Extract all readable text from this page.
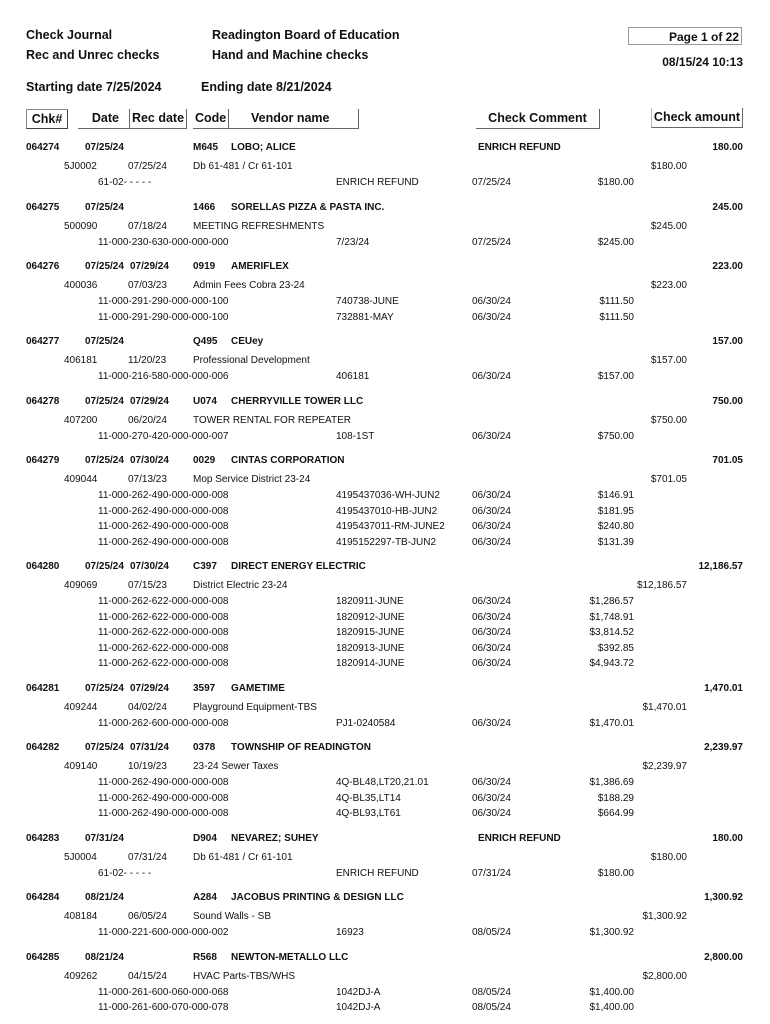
Check Journal
Rec and Unrec checks
Readington Board of Education
Hand and Machine checks
Page 1 of 22
08/15/24 10:13
Starting date 7/25/2024	Ending date 8/21/2024
Chk#	Date	Rec date Code	Vendor name	Check Comment	Check amount
064274	07/25/24	M645 LOBO; ALICE	ENRICH REFUND	180.00
5J0002	07/25/24	Db 61-481 / Cr 61-101	$180.00
61-02- - - - -	ENRICH REFUND	07/25/24	$180.00
064275	07/25/24	1466 SORELLAS PIZZA & PASTA INC.	245.00
500090	07/18/24	MEETING REFRESHMENTS	$245.00
11-000-230-630-000-000-000	7/23/24	07/25/24	$245.00
064276	07/25/24 07/29/24 0919 AMERIFLEX	223.00
400036	07/03/23	Admin Fees Cobra 23-24	$223.00
11-000-291-290-000-000-100	740738-JUNE	06/30/24	$111.50
11-000-291-290-000-000-100	732881-MAY	06/30/24	$111.50
064277	07/25/24	Q495 CEUey	157.00
406181	11/20/23	Professional Development	$157.00
11-000-216-580-000-000-006	406181	06/30/24	$157.00
064278	07/25/24 07/29/24 U074 CHERRYVILLE TOWER LLC	750.00
407200	06/20/24	TOWER RENTAL FOR REPEATER	$750.00
11-000-270-420-000-000-007	108-1ST	06/30/24	$750.00
064279	07/25/24 07/30/24 0029 CINTAS CORPORATION	701.05
409044	07/13/23	Mop Service District 23-24	$701.05
11-000-262-490-000-000-008	4195437036-WH-JUN2	06/30/24	$146.91
11-000-262-490-000-000-008	4195437010-HB-JUN2	06/30/24	$181.95
11-000-262-490-000-000-008	4195437011-RM-JUNE2	06/30/24	$240.80
11-000-262-490-000-000-008	4195152297-TB-JUN2	06/30/24	$131.39
064280	07/25/24 07/30/24 C397 DIRECT ENERGY ELECTRIC	12,186.57
409069	07/15/23	District Electric 23-24	$12,186.57
11-000-262-622-000-000-008	1820911-JUNE	06/30/24	$1,286.57
11-000-262-622-000-000-008	1820912-JUNE	06/30/24	$1,748.91
11-000-262-622-000-000-008	1820915-JUNE	06/30/24	$3,814.52
11-000-262-622-000-000-008	1820913-JUNE	06/30/24	$392.85
11-000-262-622-000-000-008	1820914-JUNE	06/30/24	$4,943.72
064281	07/25/24 07/29/24 3597 GAMETIME	1,470.01
409244	04/02/24	Playground Equipment-TBS	$1,470.01
11-000-262-600-000-000-008	PJ1-0240584	06/30/24	$1,470.01
064282	07/25/24 07/31/24 0378 TOWNSHIP OF READINGTON	2,239.97
409140	10/19/23	23-24 Sewer Taxes	$2,239.97
11-000-262-490-000-000-008	4Q-BL48,LT20,21.01	06/30/24	$1,386.69
11-000-262-490-000-000-008	4Q-BL35,LT14	06/30/24	$188.29
11-000-262-490-000-000-008	4Q-BL93,LT61	06/30/24	$664.99
064283	07/31/24	D904 NEVAREZ; SUHEY	ENRICH REFUND	180.00
5J0004	07/31/24	Db 61-481 / Cr 61-101	$180.00
61-02- - - - -	ENRICH REFUND	07/31/24	$180.00
064284	08/21/24	A284 JACOBUS PRINTING & DESIGN LLC	1,300.92
408184	06/05/24	Sound Walls - SB	$1,300.92
11-000-221-600-000-000-002	16923	08/05/24	$1,300.92
064285	08/21/24	R568 NEWTON-METALLO LLC	2,800.00
409262	04/15/24	HVAC Parts-TBS/WHS	$2,800.00
11-000-261-600-060-000-068	1042DJ-A	08/05/24	$1,400.00
11-000-261-600-070-000-078	1042DJ-A	08/05/24	$1,400.00
